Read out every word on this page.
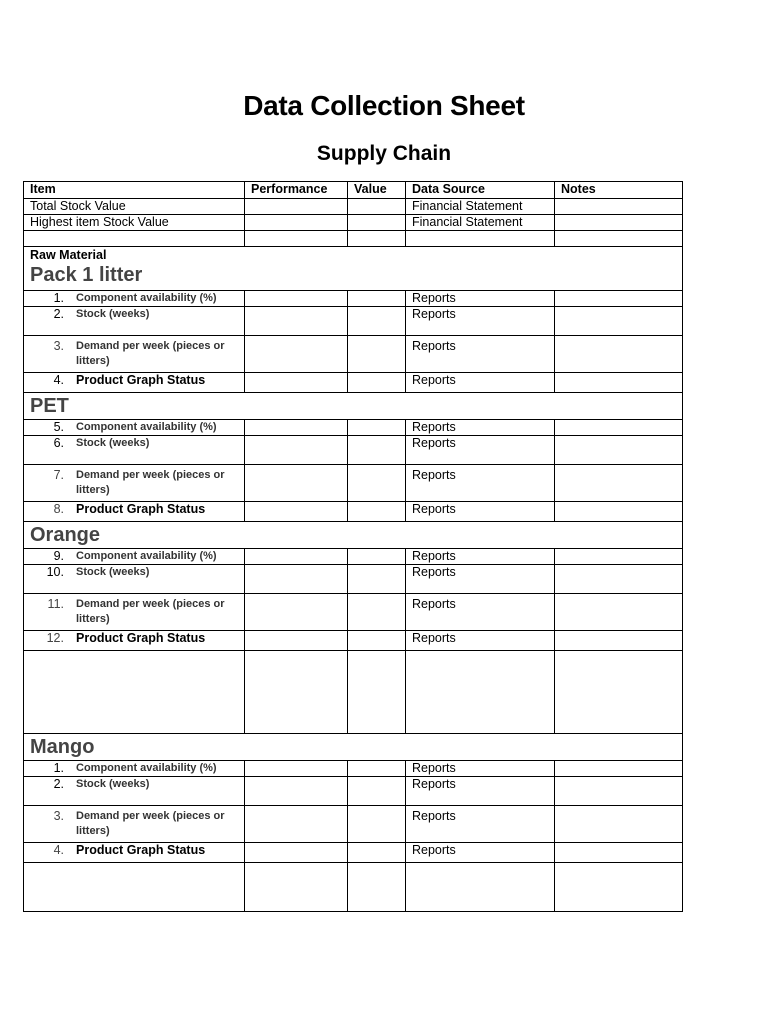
Data Collection Sheet
Supply Chain
Item	Performance	Value	Data Source	Notes
Total Stock Value			Financial Statement	
Highest item Stock Value			Financial Statement	

Raw Material
Pack 1 litter				

1. Component availability (%)			Reports	

2. Stock (weeks)			Reports	

3. Demand per week (pieces or litters)			Reports	

4. Product Graph Status			Reports	

PET				

5. Component availability (%)			Reports	

6. Stock (weeks)			Reports	

7. Demand per week (pieces or litters)			Reports	

8. Product Graph Status			Reports	

Orange				

9. Component availability (%)			Reports	

10. Stock (weeks)			Reports	

11. Demand per week (pieces or litters)			Reports	

12. Product Graph Status			Reports	

Mango				

1. Component availability (%)			Reports	

2. Stock (weeks)			Reports	

3. Demand per week (pieces or litters)			Reports	

4. Product Graph Status			Reports	
